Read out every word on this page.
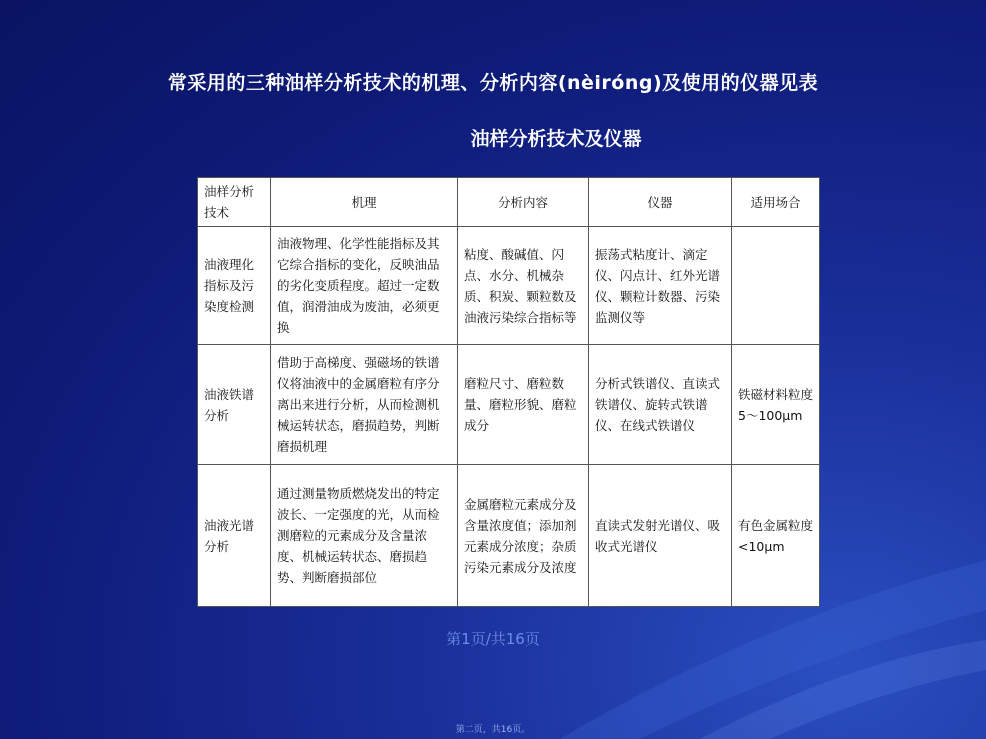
常采用的三种油样分析技术的机理、分析内容(nèiróng)及使用的仪器见表
油样分析技术及仪器
油样分析技术	机理	分析内容	仪器	适用场合
油液理化指标及污染度检测	油液物理、化学性能指标及其它综合指标的变化，反映油品的劣化变质程度。超过一定数值，润滑油成为废油，必须更换	粘度、酸碱值、闪点、水分、机械杂质、积炭、颗粒数及油液污染综合指标等	振荡式粘度计、滴定仪、闪点计、红外光谱仪、颗粒计数器、污染监测仪等	
油液铁谱分析	借助于高梯度、强磁场的铁谱仪将油液中的金属磨粒有序分离出来进行分析，从而检测机械运转状态，磨损趋势，判断磨损机理	磨粒尺寸、磨粒数量、磨粒形貌、磨粒成分	分析式铁谱仪、直读式铁谱仪、旋转式铁谱仪、在线式铁谱仪	铁磁材料粒度 5～100μm
油液光谱分析	通过测量物质燃烧发出的特定波长、一定强度的光，从而检测磨粒的元素成分及含量浓度、机械运转状态、磨损趋势、判断磨损部位	金属磨粒元素成分及含量浓度值；添加剂元素成分浓度；杂质污染元素成分及浓度	直读式发射光谱仪、吸收式光谱仪	有色金属粒度<10μm
第1页/共16页
第二页，共16页。
